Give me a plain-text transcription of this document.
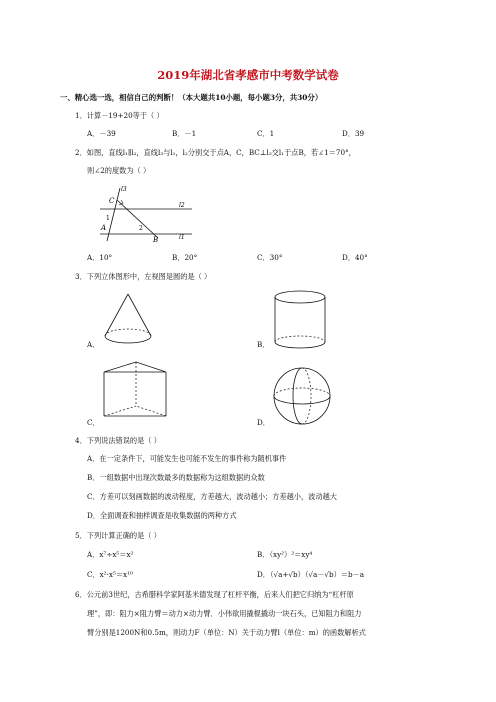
2019年湖北省孝感市中考数学试卷
一、精心选一选，相信自己的判断！（本大题共10小题，每小题3分，共30分）
1．计算－19+20等于（ ）
A．－39	B．－1	C．1	D．39
2．如图，直线l₁∥l₂，直线l₃与l₁，l₂分别交于点A，C，BC⊥l₃交l₁于点B，若∠1＝70°，
则∠2的度数为（ ）
l3
C
l2
1
2
A
B	l1
A．10°	B．20°	C．30°	D．40°
3．下列立体图形中，左视图是圆的是（ ）
A．	B．
C．	D．
4．下列说法错误的是（ ）
A．在一定条件下，可能发生也可能不发生的事件称为随机事件
B．一组数据中出现次数最多的数据称为这组数据的众数
C．方差可以刻画数据的波动程度，方差越大，波动越小；方差越小，波动越大
D．全面调查和抽样调查是收集数据的两种方式
5．下列计算正确的是（ ）
A．x⁷÷x⁵＝x²	B．（xy²）²＝xy⁴
C．x²·x⁵＝x¹⁰	D．（√a+√b）（√a－√b）＝b－a
6．公元前3世纪，古希腊科学家阿基米德发现了杠杆平衡，后来人们把它归纳为“杠杆原
理”，即：阻力×阻力臂＝动力×动力臂．小伟欲用撬棍撬动一块石头，已知阻力和阻力
臂分别是1200N和0.5m，则动力F（单位：N）关于动力臂l（单位：m）的函数解析式
